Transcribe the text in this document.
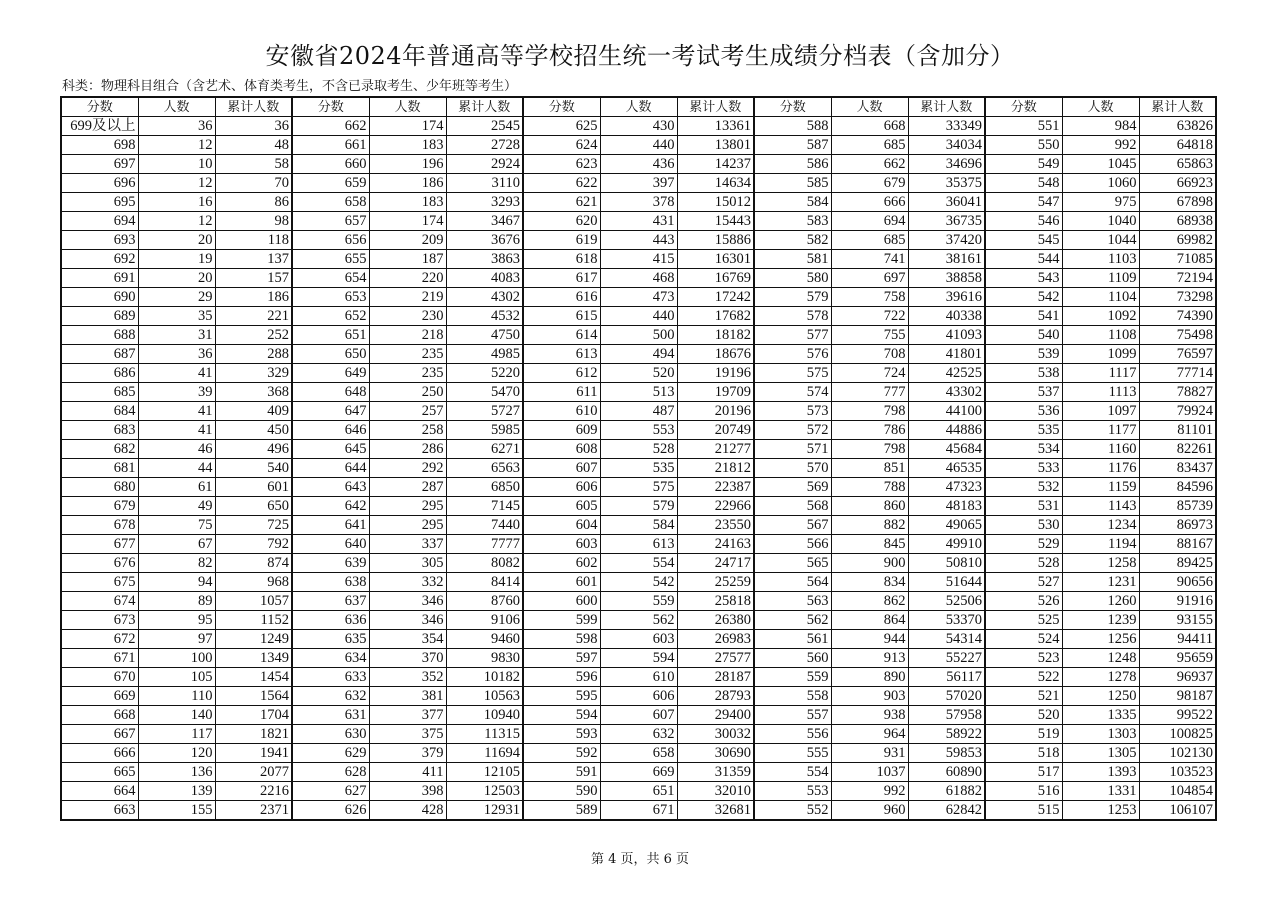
安徽省2024年普通高等学校招生统一考试考生成绩分档表（含加分）
科类：物理科目组合（含艺术、体育类考生，不含已录取考生、少年班等考生）
分数	人数	累计人数	分数	人数	累计人数	分数	人数	累计人数	分数	人数	累计人数	分数	人数	累计人数
699及以上	36	36	662	174	2545	625	430	13361	588	668	33349	551	984	63826
698	12	48	661	183	2728	624	440	13801	587	685	34034	550	992	64818
697	10	58	660	196	2924	623	436	14237	586	662	34696	549	1045	65863
696	12	70	659	186	3110	622	397	14634	585	679	35375	548	1060	66923
695	16	86	658	183	3293	621	378	15012	584	666	36041	547	975	67898
694	12	98	657	174	3467	620	431	15443	583	694	36735	546	1040	68938
693	20	118	656	209	3676	619	443	15886	582	685	37420	545	1044	69982
692	19	137	655	187	3863	618	415	16301	581	741	38161	544	1103	71085
691	20	157	654	220	4083	617	468	16769	580	697	38858	543	1109	72194
690	29	186	653	219	4302	616	473	17242	579	758	39616	542	1104	73298
689	35	221	652	230	4532	615	440	17682	578	722	40338	541	1092	74390
688	31	252	651	218	4750	614	500	18182	577	755	41093	540	1108	75498
687	36	288	650	235	4985	613	494	18676	576	708	41801	539	1099	76597
686	41	329	649	235	5220	612	520	19196	575	724	42525	538	1117	77714
685	39	368	648	250	5470	611	513	19709	574	777	43302	537	1113	78827
684	41	409	647	257	5727	610	487	20196	573	798	44100	536	1097	79924
683	41	450	646	258	5985	609	553	20749	572	786	44886	535	1177	81101
682	46	496	645	286	6271	608	528	21277	571	798	45684	534	1160	82261
681	44	540	644	292	6563	607	535	21812	570	851	46535	533	1176	83437
680	61	601	643	287	6850	606	575	22387	569	788	47323	532	1159	84596
679	49	650	642	295	7145	605	579	22966	568	860	48183	531	1143	85739
678	75	725	641	295	7440	604	584	23550	567	882	49065	530	1234	86973
677	67	792	640	337	7777	603	613	24163	566	845	49910	529	1194	88167
676	82	874	639	305	8082	602	554	24717	565	900	50810	528	1258	89425
675	94	968	638	332	8414	601	542	25259	564	834	51644	527	1231	90656
674	89	1057	637	346	8760	600	559	25818	563	862	52506	526	1260	91916
673	95	1152	636	346	9106	599	562	26380	562	864	53370	525	1239	93155
672	97	1249	635	354	9460	598	603	26983	561	944	54314	524	1256	94411
671	100	1349	634	370	9830	597	594	27577	560	913	55227	523	1248	95659
670	105	1454	633	352	10182	596	610	28187	559	890	56117	522	1278	96937
669	110	1564	632	381	10563	595	606	28793	558	903	57020	521	1250	98187
668	140	1704	631	377	10940	594	607	29400	557	938	57958	520	1335	99522
667	117	1821	630	375	11315	593	632	30032	556	964	58922	519	1303	100825
666	120	1941	629	379	11694	592	658	30690	555	931	59853	518	1305	102130
665	136	2077	628	411	12105	591	669	31359	554	1037	60890	517	1393	103523
664	139	2216	627	398	12503	590	651	32010	553	992	61882	516	1331	104854
663	155	2371	626	428	12931	589	671	32681	552	960	62842	515	1253	106107
第 4 页，共 6 页
